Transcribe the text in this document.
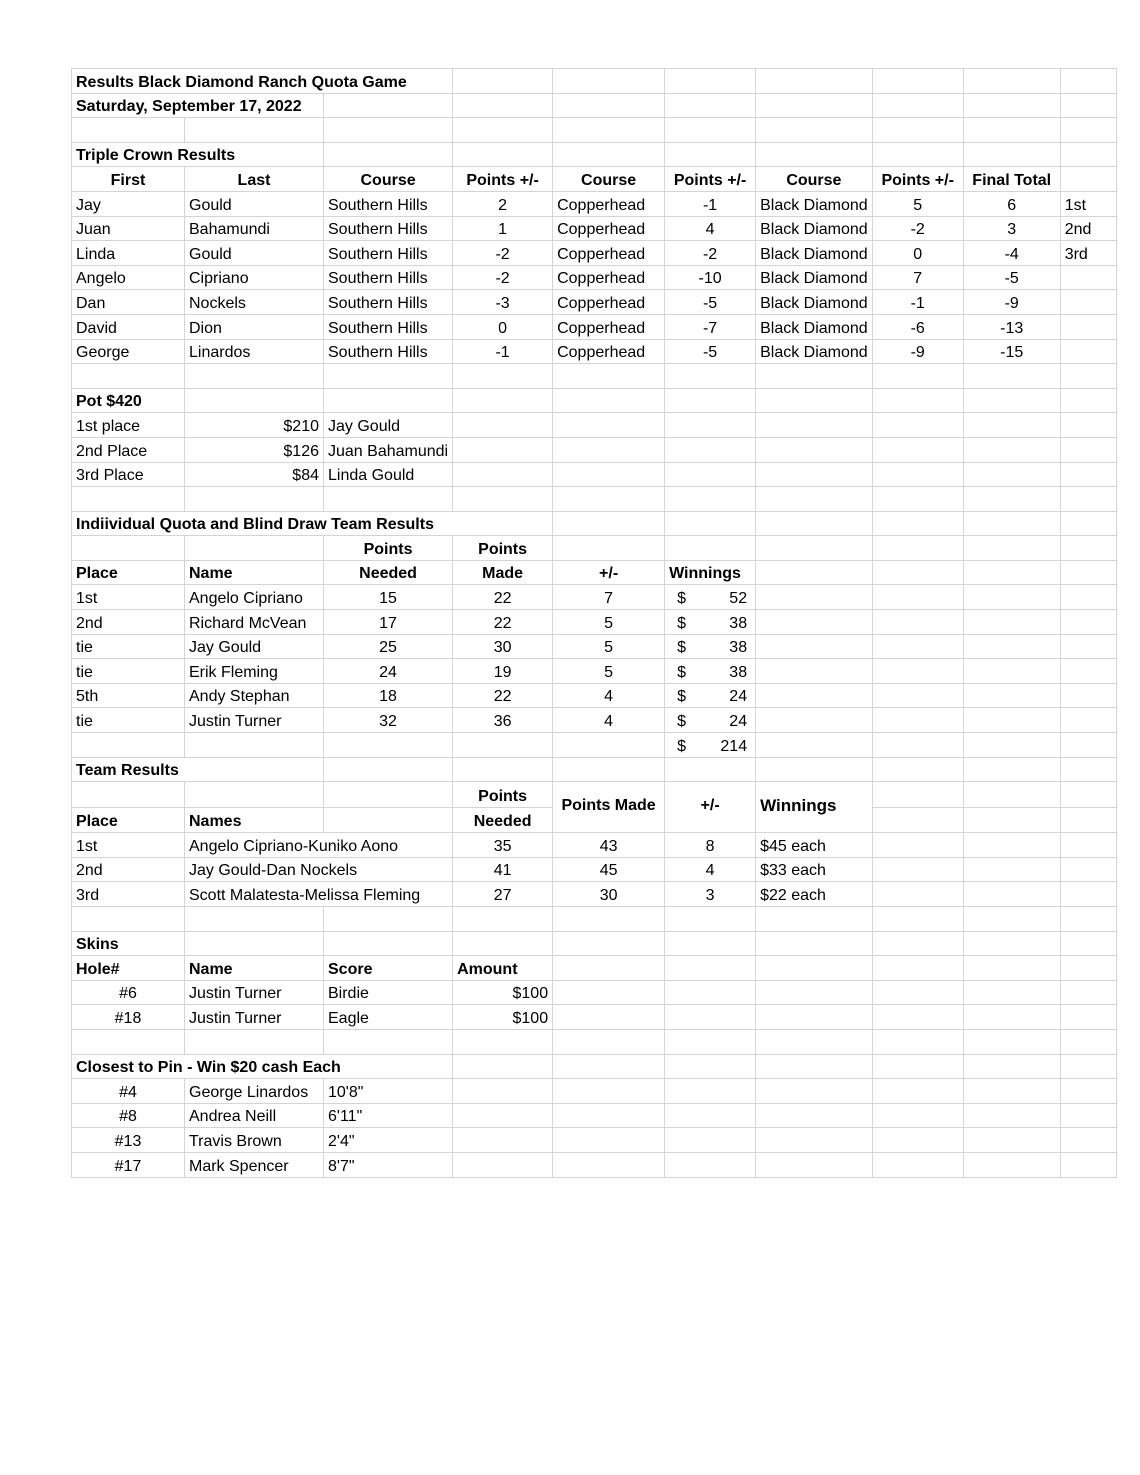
Results Black Diamond Ranch Quota Game									
Saturday, September 17, 2022									

Triple Crown Results									
First	Last	Course	Points +/-	Course	Points +/-	Course	Points +/-	Final Total	
Jay	Gould	Southern Hills	2	Copperhead	-1	Black Diamond	5	6	1st
Juan	Bahamundi	Southern Hills	1	Copperhead	4	Black Diamond	-2	3	2nd
Linda	Gould	Southern Hills	-2	Copperhead	-2	Black Diamond	0	-4	3rd
Angelo	Cipriano	Southern Hills	-2	Copperhead	-10	Black Diamond	7	-5	
Dan	Nockels	Southern Hills	-3	Copperhead	-5	Black Diamond	-1	-9	
David	Dion	Southern Hills	0	Copperhead	-7	Black Diamond	-6	-13	
George	Linardos	Southern Hills	-1	Copperhead	-5	Black Diamond	-9	-15	

Pot $420									
1st place	$210	Jay Gould							
2nd Place	$126	Juan Bahamundi							
3rd Place	$84	Linda Gould							

Indiividual Quota and Blind Draw Team Results									
		Points	Points						
Place	Name	Needed	Made	+/-	Winnings				
1st	Angelo Cipriano	15	22	7	$ 52				

2nd	Richard McVean	17	22	5	$ 38				

tie	Jay Gould	25	30	5	$ 38				

tie	Erik Fleming	24	19	5	$ 38				

5th	Andy Stephan	18	22	4	$ 24				

tie	Justin Turner	32	36	4	$ 24				

					$ 214				

Team Results									
			Points	Points Made	+/-	Winnings			
Place	Names		Needed						
1st	Angelo Cipriano-Kuniko Aono		35	43	8	$45 each			
2nd	Jay Gould-Dan Nockels		41	45	4	$33 each			
3rd	Scott Malatesta-Melissa Fleming		27	30	3	$22 each			

Skins									
Hole#	Name	Score	Amount						
#6	Justin Turner	Birdie	$100						
#18	Justin Turner	Eagle	$100						

Closest to Pin - Win $20 cash Each									
#4	George Linardos	10'8"							
#8	Andrea Neill	6'11"							
#13	Travis Brown	2'4"							
#17	Mark Spencer	8'7"							
